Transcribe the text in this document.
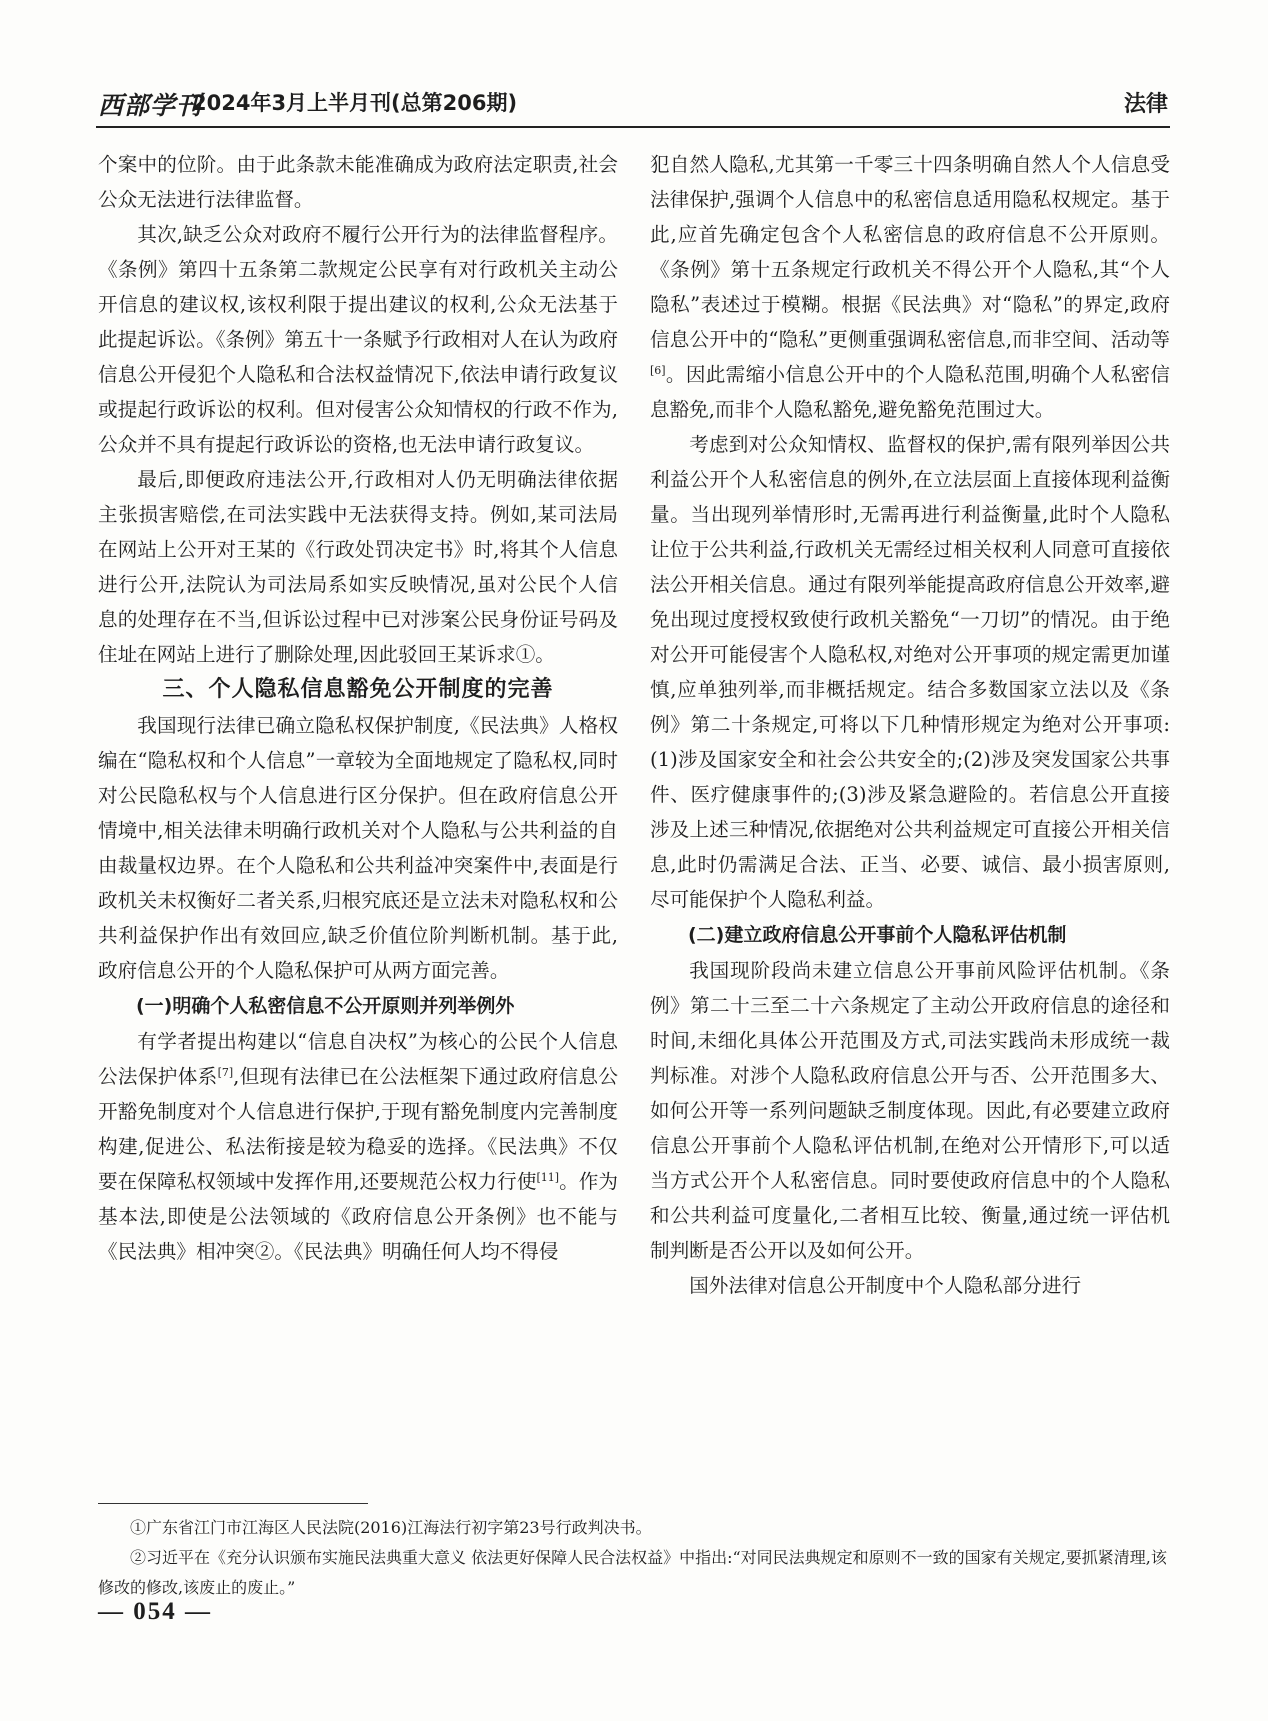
西部学刊
2024年3月上半月刊(总第206期)	法律

个案中的位阶。由于此条款未能准确成为政府法定职责,社会公众无法进行法律监督。

其次,缺乏公众对政府不履行公开行为的法律监督程序。《条例》第四十五条第二款规定公民享有对行政机关主动公开信息的建议权,该权利限于提出建议的权利,公众无法基于此提起诉讼。《条例》第五十一条赋予行政相对人在认为政府信息公开侵犯个人隐私和合法权益情况下,依法申请行政复议或提起行政诉讼的权利。但对侵害公众知情权的行政不作为,公众并不具有提起行政诉讼的资格,也无法申请行政复议。

最后,即便政府违法公开,行政相对人仍无明确法律依据主张损害赔偿,在司法实践中无法获得支持。例如,某司法局在网站上公开对王某的《行政处罚决定书》时,将其个人信息进行公开,法院认为司法局系如实反映情况,虽对公民个人信息的处理存在不当,但诉讼过程中已对涉案公民身份证号码及住址在网站上进行了删除处理,因此驳回王某诉求①。

三、个人隐私信息豁免公开制度的完善

我国现行法律已确立隐私权保护制度,《民法典》人格权编在“隐私权和个人信息”一章较为全面地规定了隐私权,同时对公民隐私权与个人信息进行区分保护。但在政府信息公开情境中,相关法律未明确行政机关对个人隐私与公共利益的自由裁量权边界。在个人隐私和公共利益冲突案件中,表面是行政机关未权衡好二者关系,归根究底还是立法未对隐私权和公共利益保护作出有效回应,缺乏价值位阶判断机制。基于此,政府信息公开的个人隐私保护可从两方面完善。

(一)明确个人私密信息不公开原则并列举例外

有学者提出构建以“信息自决权”为核心的公民个人信息公法保护体系[7],但现有法律已在公法框架下通过政府信息公开豁免制度对个人信息进行保护,于现有豁免制度内完善制度构建,促进公、私法衔接是较为稳妥的选择。《民法典》不仅要在保障私权领域中发挥作用,还要规范公权力行使[11]。作为基本法,即使是公法领域的《政府信息公开条例》也不能与《民法典》相冲突②。《民法典》明确任何人均不得侵

犯自然人隐私,尤其第一千零三十四条明确自然人个人信息受法律保护,强调个人信息中的私密信息适用隐私权规定。基于此,应首先确定包含个人私密信息的政府信息不公开原则。《条例》第十五条规定行政机关不得公开个人隐私,其“个人隐私”表述过于模糊。根据《民法典》对“隐私”的界定,政府信息公开中的“隐私”更侧重强调私密信息,而非空间、活动等[6]。因此需缩小信息公开中的个人隐私范围,明确个人私密信息豁免,而非个人隐私豁免,避免豁免范围过大。

考虑到对公众知情权、监督权的保护,需有限列举因公共利益公开个人私密信息的例外,在立法层面上直接体现利益衡量。当出现列举情形时,无需再进行利益衡量,此时个人隐私让位于公共利益,行政机关无需经过相关权利人同意可直接依法公开相关信息。通过有限列举能提高政府信息公开效率,避免出现过度授权致使行政机关豁免“一刀切”的情况。由于绝对公开可能侵害个人隐私权,对绝对公开事项的规定需更加谨慎,应单独列举,而非概括规定。结合多数国家立法以及《条例》第二十条规定,可将以下几种情形规定为绝对公开事项:(1)涉及国家安全和社会公共安全的;(2)涉及突发国家公共事件、医疗健康事件的;(3)涉及紧急避险的。若信息公开直接涉及上述三种情况,依据绝对公共利益规定可直接公开相关信息,此时仍需满足合法、正当、必要、诚信、最小损害原则,尽可能保护个人隐私利益。

(二)建立政府信息公开事前个人隐私评估机制

我国现阶段尚未建立信息公开事前风险评估机制。《条例》第二十三至二十六条规定了主动公开政府信息的途径和时间,未细化具体公开范围及方式,司法实践尚未形成统一裁判标准。对涉个人隐私政府信息公开与否、公开范围多大、如何公开等一系列问题缺乏制度体现。因此,有必要建立政府信息公开事前个人隐私评估机制,在绝对公开情形下,可以适当方式公开个人私密信息。同时要使政府信息中的个人隐私和公共利益可度量化,二者相互比较、衡量,通过统一评估机制判断是否公开以及如何公开。

国外法律对信息公开制度中个人隐私部分进行

①广东省江门市江海区人民法院(2016)江海法行初字第23号行政判决书。

②习近平在《充分认识颁布实施民法典重大意义 依法更好保障人民合法权益》中指出:“对同民法典规定和原则不一致的国家有关规定,要抓紧清理,该修改的修改,该废止的废止。”

— 054 —
